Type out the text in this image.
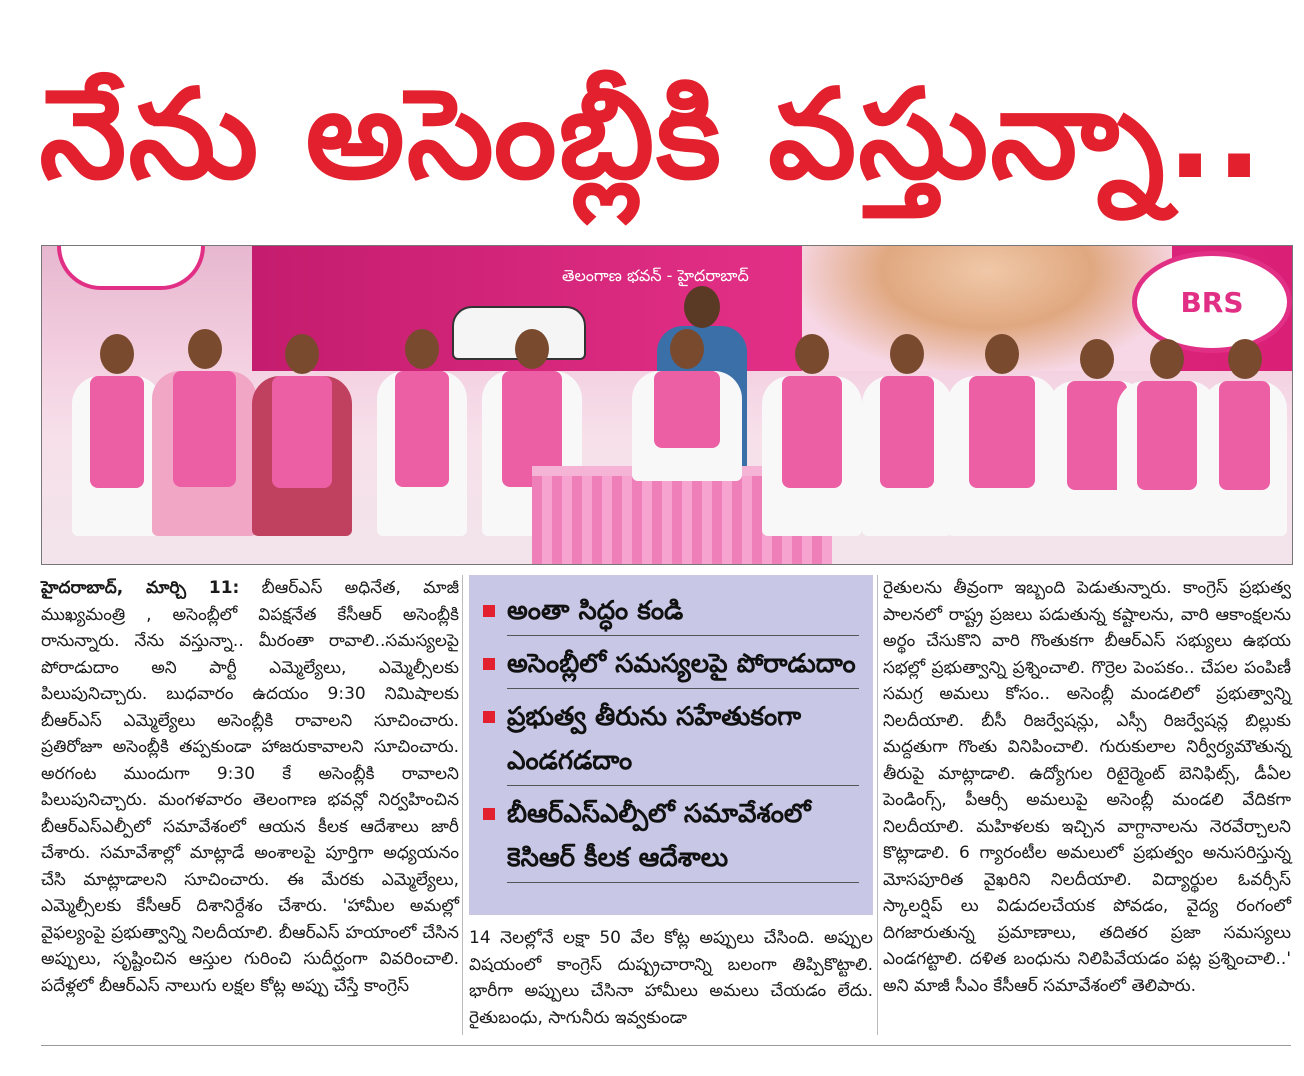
నేను అసెంబ్లీకి వస్తున్నా..
తెలంగాణ భవన్ - హైదరాబాద్
BRS

హైదరాబాద్, మార్చి 11: బీఆర్ఎస్ అధినేత, మాజీ ముఖ్యమంత్రి , అసెంబ్లీలో విపక్షనేత కేసీఆర్ అసెంబ్లీకి రానున్నారు. నేను వస్తున్నా.. మీరంతా రావాలి..సమస్యలపై పోరాడుదాం అని పార్టీ ఎమ్మెల్యేలు, ఎమ్మెల్సీలకు పిలుపునిచ్చారు. బుధవారం ఉదయం 9:30 నిమిషాలకు బీఆర్ఎస్ ఎమ్మెల్యేలు అసెంబ్లీకి రావాలని సూచించారు. ప్రతిరోజూ అసెంబ్లీకి తప్పకుండా హాజరుకావాలని సూచించారు. అరగంట ముందుగా 9:30 కే అసెంబ్లీకి రావాలని పిలుపునిచ్చారు. మంగళవారం తెలంగాణ భవన్లో నిర్వహించిన బీఆర్ఎస్ఎల్పీలో సమావేశంలో ఆయన కీలక ఆదేశాలు జారీ చేశారు. సమావేశాల్లో మాట్లాడే అంశాలపై పూర్తిగా అధ్యయనం చేసి మాట్లాడాలని సూచించారు. ఈ మేరకు ఎమ్మెల్యేలు, ఎమ్మెల్సీలకు కేసీఆర్ దిశానిర్దేశం చేశారు. 'హామీల అమల్లో వైఫల్యంపై ప్రభుత్వాన్ని నిలదీయాలి. బీఆర్ఎస్ హయాంలో చేసిన అప్పులు, సృష్టించిన ఆస్తుల గురించి సుదీర్ఘంగా వివరించాలి. పదేళ్లలో బీఆర్ఎస్ నాలుగు లక్షల కోట్ల అప్పు చేస్తే కాంగ్రెస్

అంతా సిద్ధం కండి
అసెంబ్లీలో సమస్యలపై పోరాడుదాం
ప్రభుత్వ తీరును సహేతుకంగా ఎండగడదాం
బీఆర్ఎస్ఎల్పీలో సమావేశంలో కెసిఆర్ కీలక ఆదేశాలు

14 నెలల్లోనే లక్షా 50 వేల కోట్ల అప్పులు చేసింది. అప్పుల విషయంలో కాంగ్రెస్ దుష్ప్రచారాన్ని బలంగా తిప్పికొట్టాలి. భారీగా అప్పులు చేసినా హామీలు అమలు చేయడం లేదు. రైతుబంధు, సాగునీరు ఇవ్వకుండా

రైతులను తీవ్రంగా ఇబ్బంది పెడుతున్నారు. కాంగ్రెస్ ప్రభుత్వ పాలనలో రాష్ట్ర ప్రజలు పడుతున్న కష్టాలను, వారి ఆకాంక్షలను అర్థం చేసుకొని వారి గొంతుకగా బీఆర్ఎస్ సభ్యులు ఉభయ సభల్లో ప్రభుత్వాన్ని ప్రశ్నించాలి. గొర్రెల పెంపకం.. చేపల పంపిణీ సమగ్ర అమలు కోసం.. అసెంబ్లీ మండలిలో ప్రభుత్వాన్ని నిలదీయాలి. బీసీ రిజర్వేషన్లు, ఎస్సీ రిజర్వేషన్ల బిల్లుకు మద్దతుగా గొంతు వినిపించాలి. గురుకులాల నిర్వీర్యమౌతున్న తీరుపై మాట్లాడాలి. ఉద్యోగుల రిటైర్మెంట్ బెనిఫిట్స్, డీఏల పెండింగ్స్, పీఆర్సీ అమలుపై అసెంబ్లీ మండలి వేదికగా నిలదీయాలి. మహిళలకు ఇచ్చిన వాగ్దానాలను నెరవేర్చాలని కొట్లాడాలి. 6 గ్యారంటీల అమలులో ప్రభుత్వం అనుసరిస్తున్న మోసపూరిత వైఖరిని నిలదీయాలి. విద్యార్థుల ఓవర్సీస్ స్కాలర్షిప్ లు విడుదలచేయక పోవడం, వైద్య రంగంలో దిగజారుతున్న ప్రమాణాలు, తదితర ప్రజా సమస్యలు ఎండగట్టాలి. దళిత బంధును నిలిపివేయడం పట్ల ప్రశ్నించాలి..' అని మాజీ సీఎం కేసీఆర్ సమావేశంలో తెలిపారు.
